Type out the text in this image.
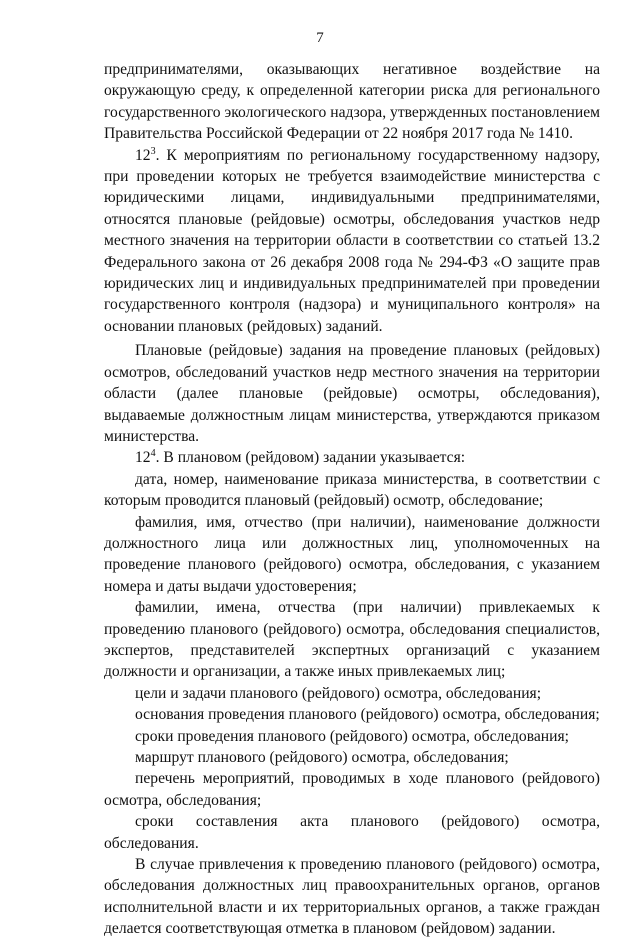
7

предпринимателями, оказывающих негативное воздействие на окружающую среду, к определенной категории риска для регионального государственного экологического надзора, утвержденных постановлением Правительства Российской Федерации от 22 ноября 2017 года № 1410.

$12^3$. К мероприятиям по региональному государственному надзору, при проведении которых не требуется взаимодействие министерства с юридическими лицами, индивидуальными предпринимателями, относятся плановые (рейдовые) осмотры, обследования участков недр местного значения на территории области в соответствии со статьей 13.2 Федерального закона от 26 декабря 2008 года № 294-ФЗ «О защите прав юридических лиц и индивидуальных предпринимателей при проведении государственного контроля (надзора) и муниципального контроля» на основании плановых (рейдовых) заданий.

Плановые (рейдовые) задания на проведение плановых (рейдовых) осмотров, обследований участков недр местного значения на территории области (далее плановые (рейдовые) осмотры, обследования), выдаваемые должностным лицам министерства, утверждаются приказом министерства.

$12^4$. В плановом (рейдовом) задании указывается:

дата, номер, наименование приказа министерства, в соответствии с которым проводится плановый (рейдовый) осмотр, обследование;

фамилия, имя, отчество (при наличии), наименование должности должностного лица или должностных лиц, уполномоченных на проведение планового (рейдового) осмотра, обследования, с указанием номера и даты выдачи удостоверения;

фамилии, имена, отчества (при наличии) привлекаемых к проведению планового (рейдового) осмотра, обследования специалистов, экспертов, представителей экспертных организаций с указанием должности и организации, а также иных привлекаемых лиц;

цели и задачи планового (рейдового) осмотра, обследования;

основания проведения планового (рейдового) осмотра, обследования;

сроки проведения планового (рейдового) осмотра, обследования;

маршрут планового (рейдового) осмотра, обследования;

перечень мероприятий, проводимых в ходе планового (рейдового) осмотра, обследования;

сроки составления акта планового (рейдового) осмотра, обследования.

В случае привлечения к проведению планового (рейдового) осмотра, обследования должностных лиц правоохранительных органов, органов исполнительной власти и их территориальных органов, а также граждан делается соответствующая отметка в плановом (рейдовом) задании.
